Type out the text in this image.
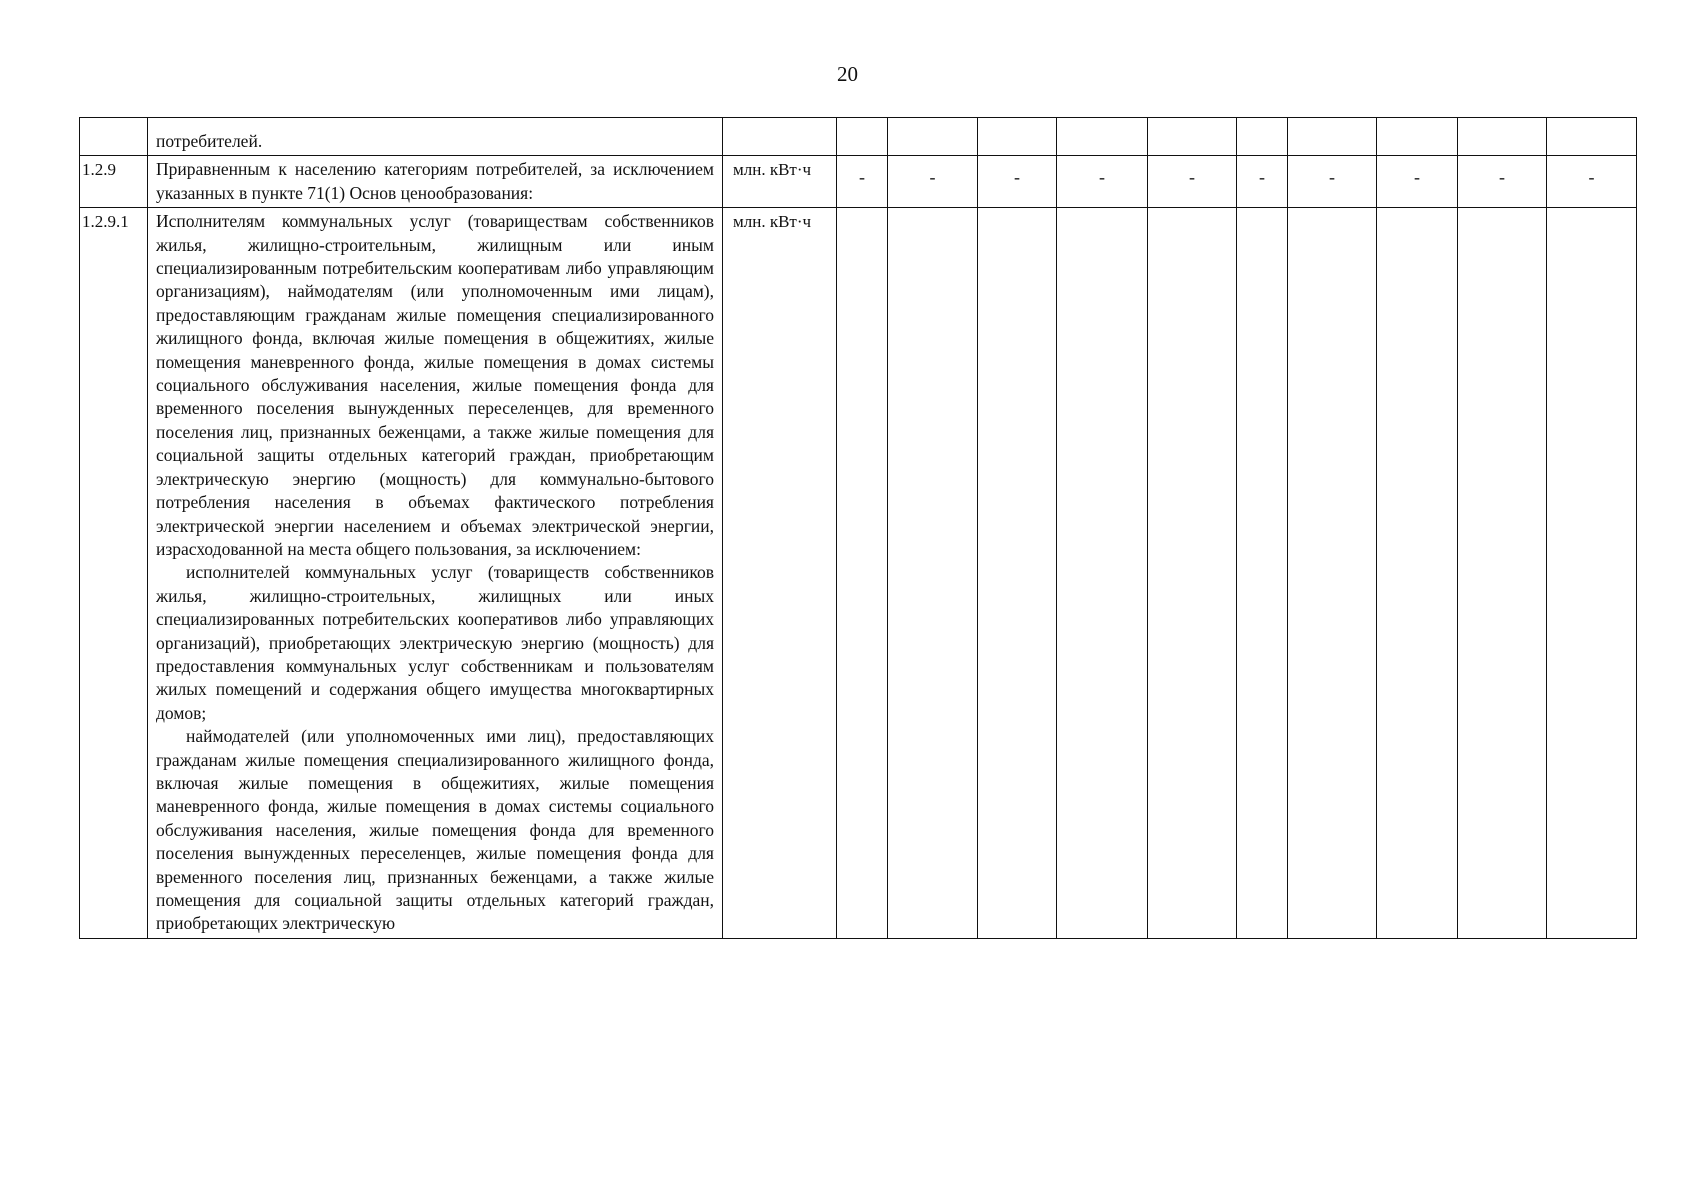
20

	потребителей.											

1.2.9	Приравненным к населению категориям потребителей, за исключением указанных в пункте 71(1) Основ ценообразования:	млн. кВт·ч	-	-	-	-	-	-	-	-	-	-
1.2.9.1	Исполнителям коммунальных услуг (товариществам собственников жилья, жилищно-строительным, жилищным или иным специализированным потребительским кооперативам либо управляющим организациям), наймодателям (или уполномоченным ими лицам), предоставляющим гражданам жилые помещения специализированного жилищного фонда, включая жилые помещения в общежитиях, жилые помещения маневренного фонда, жилые помещения в домах системы социального обслуживания населения, жилые помещения фонда для временного поселения вынужденных переселенцев, для временного поселения лиц, признанных беженцами, а также жилые помещения для социальной защиты отдельных категорий граждан, приобретающим электрическую энергию (мощность) для коммунально-бытового потребления населения в объемах фактического потребления электрической энергии населением и объемах электрической энергии, израсходованной на места общего пользования, за исключением:

исполнителей коммунальных услуг (товариществ собственников жилья, жилищно-строительных, жилищных или иных специализированных потребительских кооперативов либо управляющих организаций), приобретающих электрическую энергию (мощность) для предоставления коммунальных услуг собственникам и пользователям жилых помещений и содержания общего имущества многоквартирных домов;

наймодателей (или уполномоченных ими лиц), предоставляющих гражданам жилые помещения специализированного жилищного фонда, включая жилые помещения в общежитиях, жилые помещения маневренного фонда, жилые помещения в домах системы социального обслуживания населения, жилые помещения фонда для временного поселения вынужденных переселенцев, жилые помещения фонда для временного поселения лиц, признанных беженцами, а также жилые помещения для социальной защиты отдельных категорий граждан, приобретающих электрическую	млн. кВт·ч										
